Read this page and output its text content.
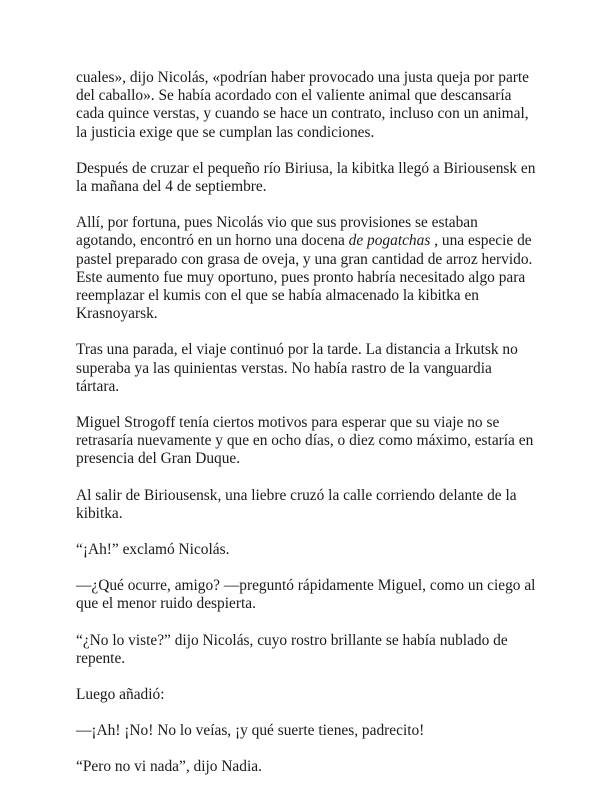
cuales», dijo Nicolás, «podrían haber provocado una justa queja por parte del caballo». Se había acordado con el valiente animal que descansaría cada quince verstas, y cuando se hace un contrato, incluso con un animal, la justicia exige que se cumplan las condiciones.

Después de cruzar el pequeño río Biriusa, la kibitka llegó a Biriousensk en la mañana del 4 de septiembre.

Allí, por fortuna, pues Nicolás vio que sus provisiones se estaban agotando, encontró en un horno una docena de pogatchas , una especie de pastel preparado con grasa de oveja, y una gran cantidad de arroz hervido. Este aumento fue muy oportuno, pues pronto habría necesitado algo para reemplazar el kumis con el que se había almacenado la kibitka en Krasnoyarsk.

Tras una parada, el viaje continuó por la tarde. La distancia a Irkutsk no superaba ya las quinientas verstas. No había rastro de la vanguardia tártara.

Miguel Strogoff tenía ciertos motivos para esperar que su viaje no se retrasaría nuevamente y que en ocho días, o diez como máximo, estaría en presencia del Gran Duque.

Al salir de Biriousensk, una liebre cruzó la calle corriendo delante de la kibitka.

“¡Ah!” exclamó Nicolás.

—¿Qué ocurre, amigo? —preguntó rápidamente Miguel, como un ciego al que el menor ruido despierta.

“¿No lo viste?” dijo Nicolás, cuyo rostro brillante se había nublado de repente.

Luego añadió:

—¡Ah! ¡No! No lo veías, ¡y qué suerte tienes, padrecito!

“Pero no vi nada”, dijo Nadia.
